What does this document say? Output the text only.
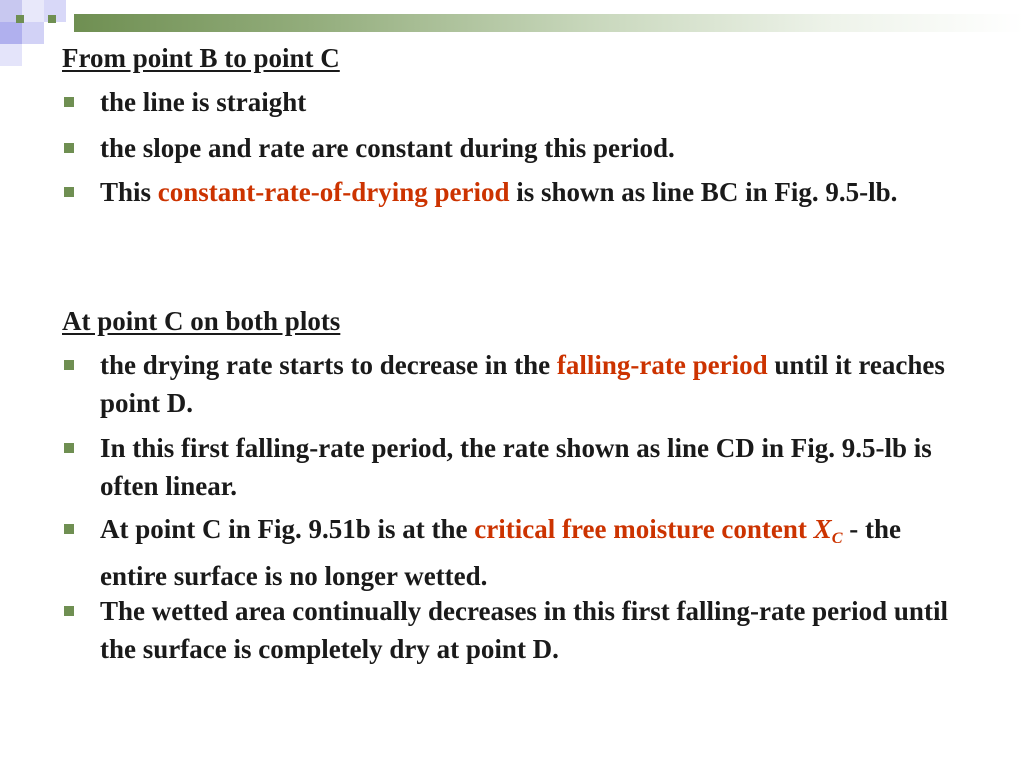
From point B to point C
the line is straight
the slope and rate are constant during this period.
This constant-rate-of-drying period is shown as line BC in Fig. 9.5-lb.
At point C on both plots
the drying rate starts to decrease in the falling-rate period until it reaches point D.
In this first falling-rate period, the rate shown as line CD in Fig. 9.5-lb is often linear.
At point C in Fig. 9.51b is at the critical free moisture content $X_C$ - the entire surface is no longer wetted.
The wetted area continually decreases in this first falling-rate period until the surface is completely dry at point D.
